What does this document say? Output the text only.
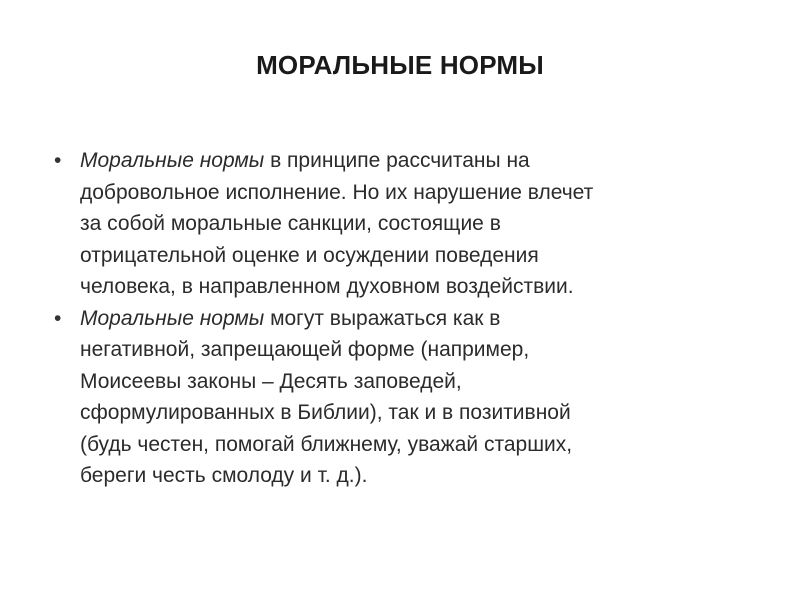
МОРАЛЬНЫЕ НОРМЫ
• Моральные нормы в принципе рассчитаны на
добровольное исполнение. Но их нарушение влечет
за собой моральные санкции, состоящие в
отрицательной оценке и осуждении поведения
человека, в направленном духовном воздействии.
• Моральные нормы могут выражаться как в
негативной, запрещающей форме (например,
Моисеевы законы – Десять заповедей,
сформулированных в Библии), так и в позитивной
(будь честен, помогай ближнему, уважай старших,
береги честь смолоду и т. д.).
